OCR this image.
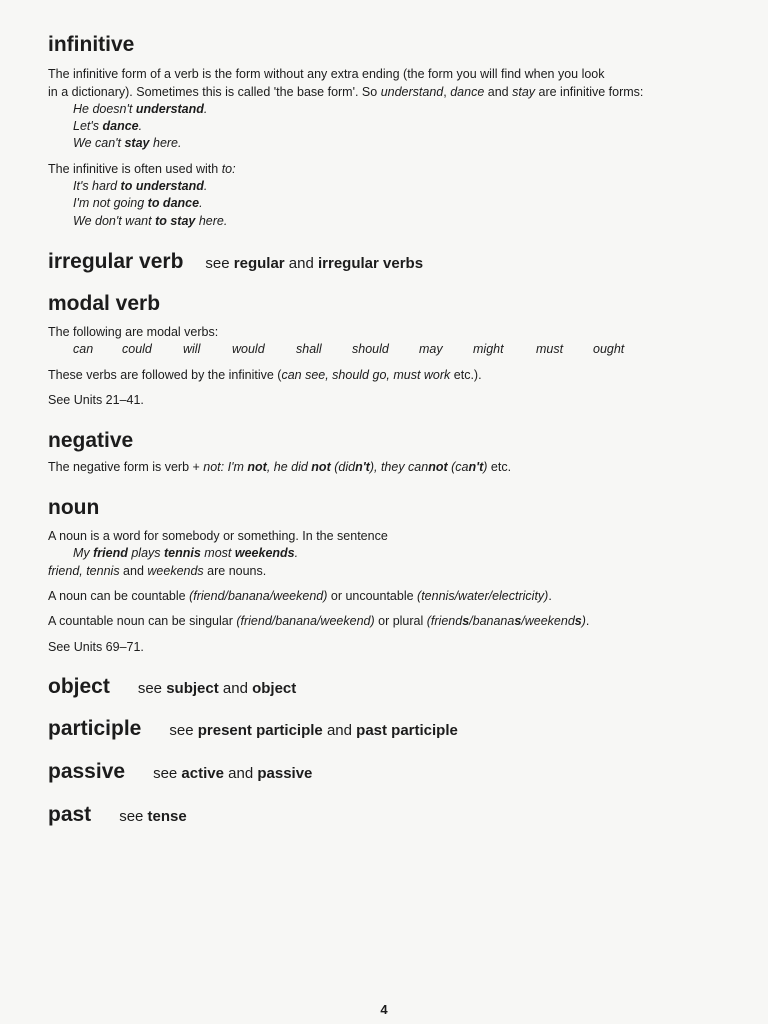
infinitive

The infinitive form of a verb is the form without any extra ending (the form you will find when you look

in a dictionary). Sometimes this is called 'the base form'. So understand, dance and stay are infinitive forms:

He doesn't understand.

Let's dance.

We can't stay here.

The infinitive is often used with to:

It's hard to understand.

I'm not going to dance.

We don't want to stay here.

irregular verb see regular and irregular verbs
modal verb

The following are modal verbs:

can could will	would	shall should may might	must ought

These verbs are followed by the infinitive (can see, should go, must work etc.).

See Units 21–41.

negative

The negative form is verb + not: I'm not, he did not (didn't), they cannot (can't) etc.

noun

A noun is a word for somebody or something. In the sentence

My friend plays tennis most weekends.

friend, tennis and weekends are nouns.

A noun can be countable (friend/banana/weekend) or uncountable (tennis/water/electricity).

A countable noun can be singular (friend/banana/weekend) or plural (friends/bananas/weekends).

See Units 69–71.

object see subject and object
participle see present participle and past participle
passive see active and passive
past see tense
4
